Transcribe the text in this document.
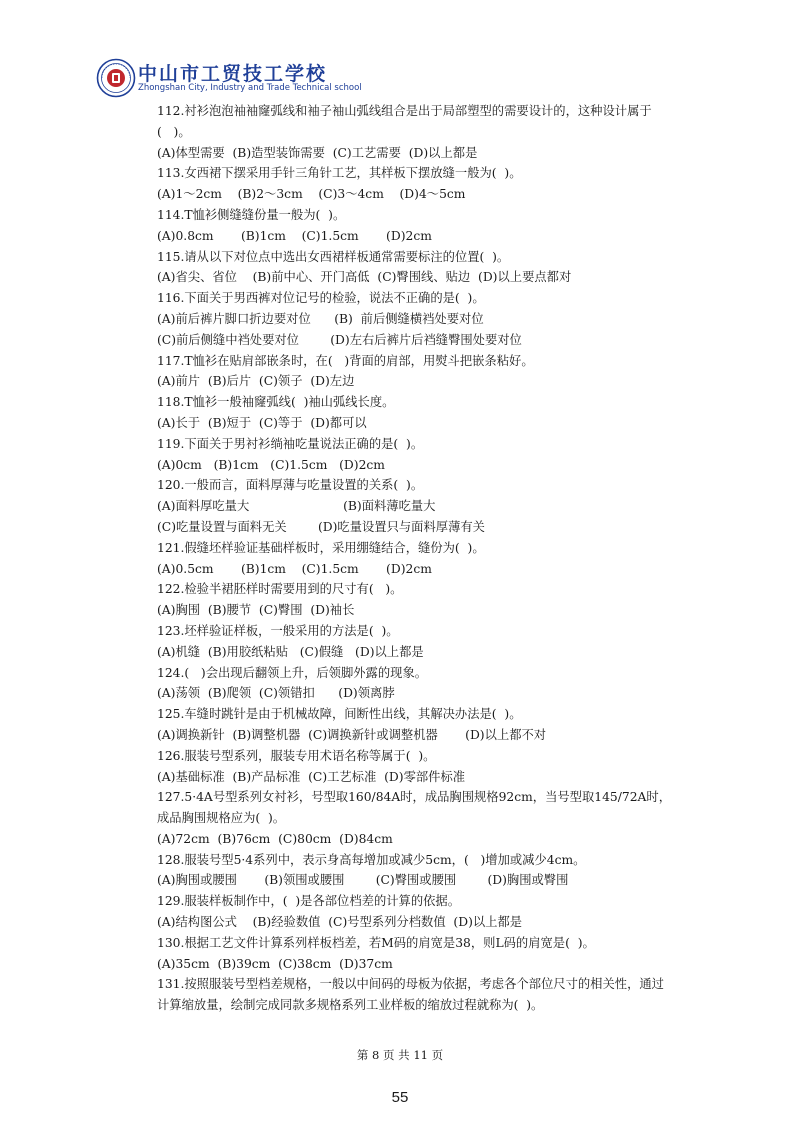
中山市工贸技工学校
Zhongshan City, Industry and Trade Technical school
112.衬衫泡泡袖袖窿弧线和袖子袖山弧线组合是出于局部塑型的需要设计的，这种设计属于
(   )。
(A)体型需要  (B)造型装饰需要  (C)工艺需要  (D)以上都是
113.女西裙下摆采用手针三角针工艺，其样板下摆放缝一般为(  )。
(A)1～2cm    (B)2～3cm    (C)3～4cm    (D)4～5cm
114.T恤衫侧缝缝份量一般为(  )。
(A)0.8cm       (B)1cm    (C)1.5cm       (D)2cm
115.请从以下对位点中选出女西裙样板通常需要标注的位置(  )。
(A)省尖、省位    (B)前中心、开门高低  (C)臀围线、贴边  (D)以上要点都对
116.下面关于男西裤对位记号的检验，说法不正确的是(  )。
(A)前后裤片脚口折边要对位      (B)  前后侧缝横裆处要对位
(C)前后侧缝中裆处要对位        (D)左右后裤片后裆缝臀围处要对位
117.T恤衫在贴肩部嵌条时，在(   )背面的肩部，用熨斗把嵌条粘好。
(A)前片  (B)后片  (C)领子  (D)左边
118.T恤衫一般袖窿弧线(  )袖山弧线长度。
(A)长于  (B)短于  (C)等于  (D)都可以
119.下面关于男衬衫绱袖吃量说法正确的是(  )。
(A)0cm   (B)1cm   (C)1.5cm   (D)2cm
120.一般而言，面料厚薄与吃量设置的关系(  )。
(A)面料厚吃量大                        (B)面料薄吃量大
(C)吃量设置与面料无关        (D)吃量设置只与面料厚薄有关
121.假缝坯样验证基础样板时，采用绷缝结合，缝份为(  )。
(A)0.5cm       (B)1cm    (C)1.5cm       (D)2cm
122.检验半裙胚样时需要用到的尺寸有(   )。
(A)胸围  (B)腰节  (C)臀围  (D)袖长
123.坯样验证样板，一般采用的方法是(  )。
(A)机缝  (B)用胶纸粘贴   (C)假缝   (D)以上都是
124.(   )会出现后翻领上升，后领脚外露的现象。
(A)荡领  (B)爬领  (C)领错扣      (D)领离脖
125.车缝时跳针是由于机械故障，间断性出线，其解决办法是(  )。
(A)调换新针  (B)调整机器  (C)调换新针或调整机器       (D)以上都不对
126.服装号型系列，服装专用术语名称等属于(  )。
(A)基础标准  (B)产品标准  (C)工艺标准  (D)零部件标准
127.5·4A号型系列女衬衫，号型取160/84A时，成品胸围规格92cm，当号型取145/72A时，
成品胸围规格应为(  )。
(A)72cm  (B)76cm  (C)80cm  (D)84cm
128.服装号型5·4系列中，表示身高每增加或减少5cm，(   )增加或减少4cm。
(A)胸围或腰围       (B)领围或腰围        (C)臀围或腰围        (D)胸围或臀围
129.服装样板制作中，(  )是各部位档差的计算的依据。
(A)结构图公式    (B)经验数值  (C)号型系列分档数值  (D)以上都是
130.根据工艺文件计算系列样板档差，若M码的肩宽是38，则L码的肩宽是(  )。
(A)35cm  (B)39cm  (C)38cm  (D)37cm
131.按照服装号型档差规格，一般以中间码的母板为依据，考虑各个部位尺寸的相关性，通过
计算缩放量，绘制完成同款多规格系列工业样板的缩放过程就称为(  )。
第 8 页 共 11 页
55
